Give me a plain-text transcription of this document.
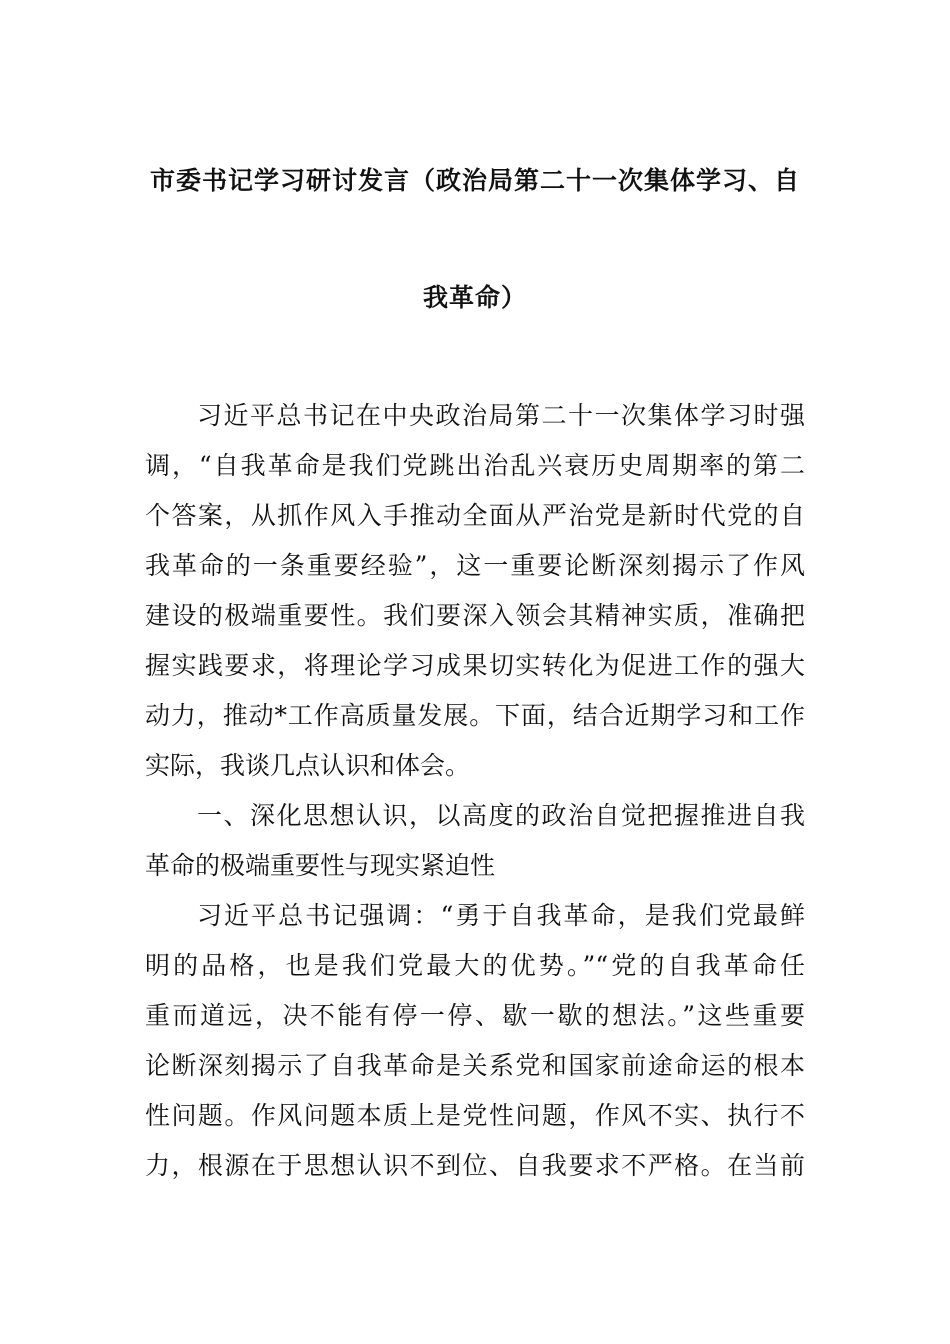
市委书记学习研讨发言（政治局第二十一次集体学习、自
我革命）
习近平总书记在中央政治局第二十一次集体学习时强
调，“自我革命是我们党跳出治乱兴衰历史周期率的第二
个答案，从抓作风入手推动全面从严治党是新时代党的自
我革命的一条重要经验”，这一重要论断深刻揭示了作风
建设的极端重要性。我们要深入领会其精神实质，准确把
握实践要求，将理论学习成果切实转化为促进工作的强大
动力，推动*工作高质量发展。下面，结合近期学习和工作
实际，我谈几点认识和体会。
一、深化思想认识，以高度的政治自觉把握推进自我
革命的极端重要性与现实紧迫性
习近平总书记强调：“勇于自我革命，是我们党最鲜
明的品格，也是我们党最大的优势。”“党的自我革命任
重而道远，决不能有停一停、歇一歇的想法。”这些重要
论断深刻揭示了自我革命是关系党和国家前途命运的根本
性问题。作风问题本质上是党性问题，作风不实、执行不
力，根源在于思想认识不到位、自我要求不严格。在当前
